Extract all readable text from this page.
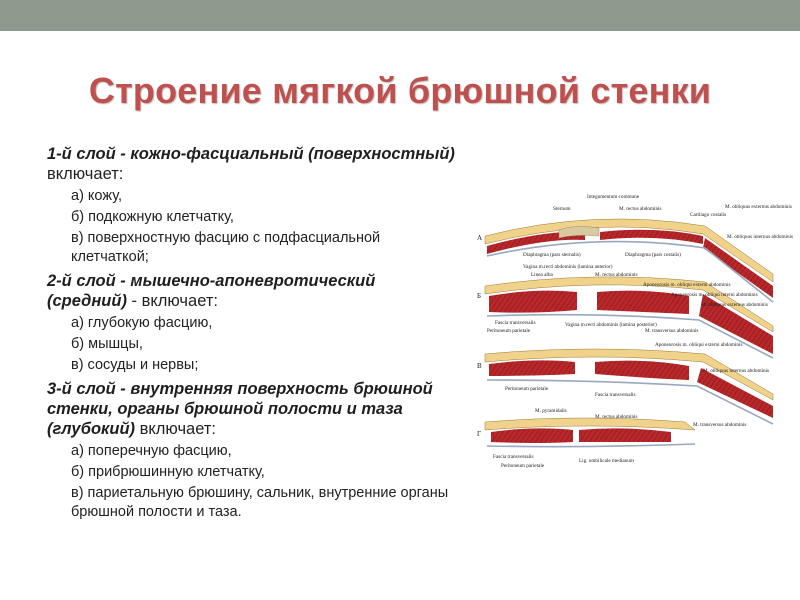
Строение мягкой брюшной стенки

1-й слой - кожно-фасциальный (поверхностный) включает:

а) кожу,
б) подкожную клетчатку,
в) поверхностную фасцию с подфасциальной клетчаткой;

2-й слой - мышечно-апоневротический (средний) - включает:

а) глубокую фасцию,
б) мышцы,
в) сосуды и нервы;

3-й слой - внутренняя поверхность брюшной стенки, органы брюшной полости и таза (глубокий) включает:

а) поперечную фасцию,
б) прибрюшинную клетчатку,
в) париетальную брюшину, сальник, внутренние органы брюшной полости и таза.
А
Integumentum commune
Sternum	M. rectus abdominis
Cartilago costalis
M. obliquus externus abdominis
M. obliquus internus abdominis
Diaphragma (pars sternalis)	Diaphragma (pars costalis)
Vagina m.recti abdominis (lamina anterior)
Б
Linea alba	M. rectus abdominis
Aponeurosis m. obliqui externi abdominis
Aponeurosis m. obliqui interni abdominis
M. obliquus externus abdominis
Fascia transversalis
Peritoneum parietale
Vagina m.recti abdominis (lamina posterior)
M. transversus abdominis
В
Aponeurosis m. obliqui externi abdominis
M. obliquus internus abdominis
Peritoneum parietale
Fascia transversalis
Г
M. pyramidalis
M. rectus abdominis
M. transversus abdominis
Fascia transversalis
Peritoneum parietale
Lig. umbilicale medianum
